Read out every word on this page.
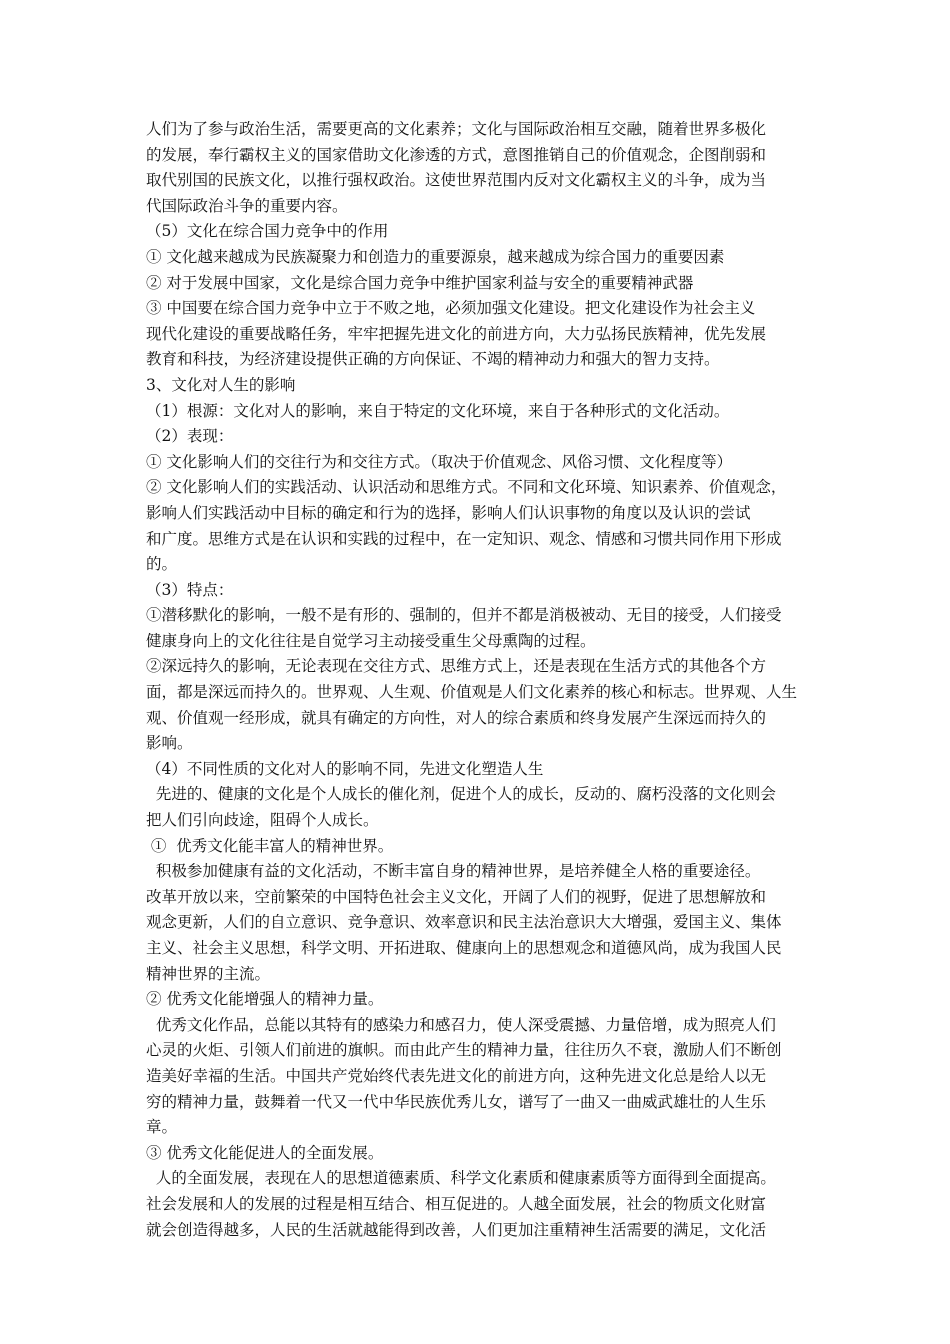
人们为了参与政治生活，需要更高的文化素养；文化与国际政治相互交融，随着世界多极化
的发展，奉行霸权主义的国家借助文化渗透的方式，意图推销自己的价值观念，企图削弱和
取代别国的民族文化，以推行强权政治。这使世界范围内反对文化霸权主义的斗争，成为当
代国际政治斗争的重要内容。
（5）文化在综合国力竞争中的作用
① 文化越来越成为民族凝聚力和创造力的重要源泉，越来越成为综合国力的重要因素
② 对于发展中国家，文化是综合国力竞争中维护国家利益与安全的重要精神武器
③ 中国要在综合国力竞争中立于不败之地，必须加强文化建设。把文化建设作为社会主义
现代化建设的重要战略任务，牢牢把握先进文化的前进方向，大力弘扬民族精神，优先发展
教育和科技，为经济建设提供正确的方向保证、不竭的精神动力和强大的智力支持。
3、文化对人生的影响
（1）根源：文化对人的影响，来自于特定的文化环境，来自于各种形式的文化活动。
（2）表现：
① 文化影响人们的交往行为和交往方式。（取决于价值观念、风俗习惯、文化程度等）
② 文化影响人们的实践活动、认识活动和思维方式。不同和文化环境、知识素养、价值观念，
影响人们实践活动中目标的确定和行为的选择，影响人们认识事物的角度以及认识的尝试
和广度。思维方式是在认识和实践的过程中，在一定知识、观念、情感和习惯共同作用下形成
的。
（3）特点：
①潜移默化的影响，一般不是有形的、强制的，但并不都是消极被动、无目的接受，人们接受
健康身向上的文化往往是自觉学习主动接受重生父母熏陶的过程。
②深远持久的影响，无论表现在交往方式、思维方式上，还是表现在生活方式的其他各个方
面，都是深远而持久的。世界观、人生观、价值观是人们文化素养的核心和标志。世界观、人生
观、价值观一经形成，就具有确定的方向性，对人的综合素质和终身发展产生深远而持久的
影响。
（4）不同性质的文化对人的影响不同，先进文化塑造人生
先进的、健康的文化是个人成长的催化剂，促进个人的成长，反动的、腐朽没落的文化则会
把人们引向歧途，阻碍个人成长。
①  优秀文化能丰富人的精神世界。
积极参加健康有益的文化活动，不断丰富自身的精神世界，是培养健全人格的重要途径。
改革开放以来，空前繁荣的中国特色社会主义文化，开阔了人们的视野，促进了思想解放和
观念更新，人们的自立意识、竞争意识、效率意识和民主法治意识大大增强，爱国主义、集体
主义、社会主义思想，科学文明、开拓进取、健康向上的思想观念和道德风尚，成为我国人民
精神世界的主流。
② 优秀文化能增强人的精神力量。
优秀文化作品，总能以其特有的感染力和感召力，使人深受震撼、力量倍增，成为照亮人们
心灵的火炬、引领人们前进的旗帜。而由此产生的精神力量，往往历久不衰，激励人们不断创
造美好幸福的生活。中国共产党始终代表先进文化的前进方向，这种先进文化总是给人以无
穷的精神力量，鼓舞着一代又一代中华民族优秀儿女，谱写了一曲又一曲威武雄壮的人生乐
章。
③ 优秀文化能促进人的全面发展。
人的全面发展，表现在人的思想道德素质、科学文化素质和健康素质等方面得到全面提高。
社会发展和人的发展的过程是相互结合、相互促进的。人越全面发展，社会的物质文化财富
就会创造得越多，人民的生活就越能得到改善，人们更加注重精神生活需要的满足，文化活
